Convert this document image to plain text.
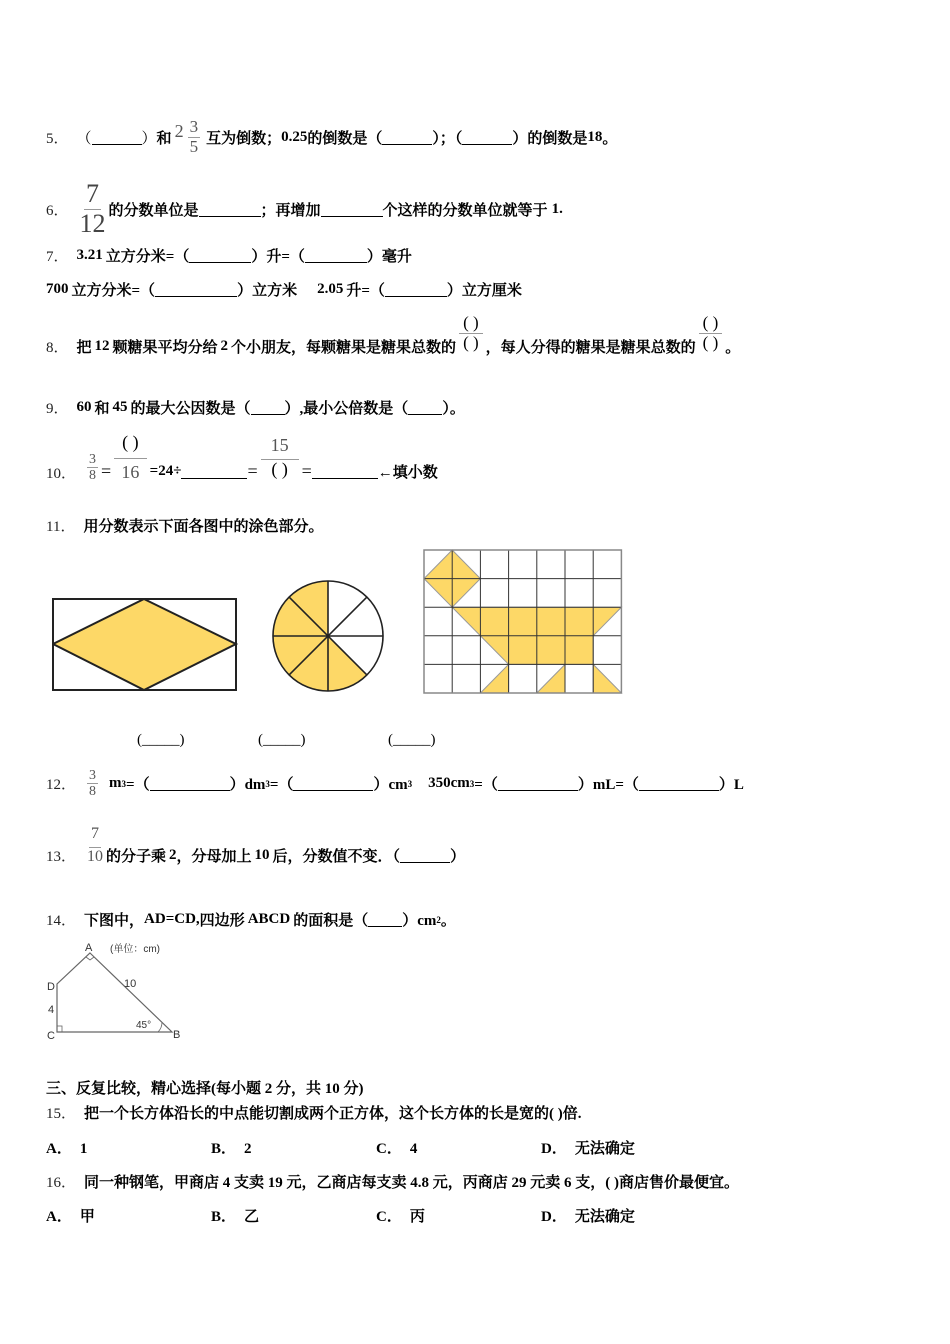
5． （	） 和 $2 \frac{3}{5}$ 互为倒数； 0.25 的倒数是（	）；（	）的倒数是 18 。
6． $\frac{7}{12}$ 的分数单位是	；再增加	个这样的分数单位就等于 1.
7． 3.21 立方分米=（	）升=（	）毫升
700 立方分米=（	）立方米 2.05 升=（	）立方厘米
8． 把 12 颗糖果平均分给 2 个小朋友，每颗糖果是糖果总数的 $\frac{( )}{( )}$ ，每人分得的糖果是糖果总数的 $\frac{( )}{( )}$ 。
9． 60 和 45 的最大公因数是（ ）,最小公倍数是（ ）。
10． $\frac{3}{8} = \frac{( )}{16} =24\div$	= $\frac{15}{( )}$ =	←填小数
11． 用分数表示下面各图中的涂色部分。
(_____)	(_____)	(_____)
12． $\frac{3}{8}$ m 3 =（	）dm 3 =（	）cm 3 350cm 3 =（	）mL=（	）L
13． $\frac{7}{10}$ 的分子乘 2 ，分母加上 10 后，分数值不变．（	）
14． 下图中， AD=CD, 四边形 ABCD 的面积是（ ）cm 2 。
A
B
C
D
(单位：cm)
10
4
45°
三、反复比较，精心选择(每小题 2 分，共 10 分)
15． 把一个长方体沿长的中点能切割成两个正方体，这个长方体的长是宽的( )倍.
A． 1	B． 2	C． 4	D． 无法确定
16． 同一种钢笔，甲商店 4 支卖 19 元，乙商店每支卖 4.8 元，丙商店 29 元卖 6 支，( )商店售价最便宜。
A． 甲	B． 乙	C． 丙	D． 无法确定
